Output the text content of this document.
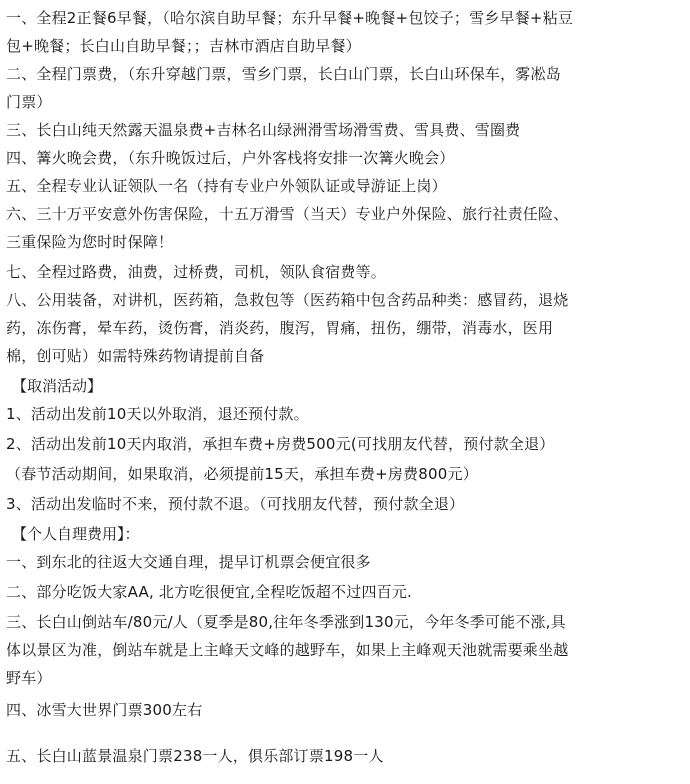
一、全程2正餐6早餐，（哈尔滨自助早餐；东升早餐+晚餐+包饺子；雪乡早餐+粘豆
包+晚餐；长白山自助早餐；；吉林市酒店自助早餐）
二、全程门票费，（东升穿越门票，雪乡门票，长白山门票，长白山环保车，雾凇岛
门票）
三、长白山纯天然露天温泉费+吉林名山绿洲滑雪场滑雪费、雪具费、雪圈费
四、篝火晚会费，（东升晚饭过后，户外客栈将安排一次篝火晚会）
五、全程专业认证领队一名（持有专业户外领队证或导游证上岗）
六、三十万平安意外伤害保险，十五万滑雪（当天）专业户外保险、旅行社责任险、
三重保险为您时时保障！
七、全程过路费，油费，过桥费，司机，领队食宿费等。
八、公用装备，对讲机，医药箱，急救包等（医药箱中包含药品种类：感冒药，退烧
药，冻伤膏，晕车药，烫伤膏，消炎药，腹泻，胃痛，扭伤，绷带，消毒水，医用
棉，创可贴）如需特殊药物请提前自备
【取消活动】
1、活动出发前10天以外取消，退还预付款。
2、活动出发前10天内取消，承担车费+房费500元(可找朋友代替，预付款全退）
（春节活动期间，如果取消，必须提前15天，承担车费+房费800元）
3、活动出发临时不来，预付款不退。（可找朋友代替，预付款全退）
【个人自理费用】：
一、到东北的往返大交通自理，提早订机票会便宜很多
二、部分吃饭大家AA, 北方吃很便宜,全程吃饭超不过四百元.
三、长白山倒站车/80元/人（夏季是80,往年冬季涨到130元，今年冬季可能不涨,具
体以景区为准，倒站车就是上主峰天文峰的越野车，如果上主峰观天池就需要乘坐越
野车）
四、冰雪大世界门票300左右
五、长白山蓝景温泉门票238一人，俱乐部订票198一人
